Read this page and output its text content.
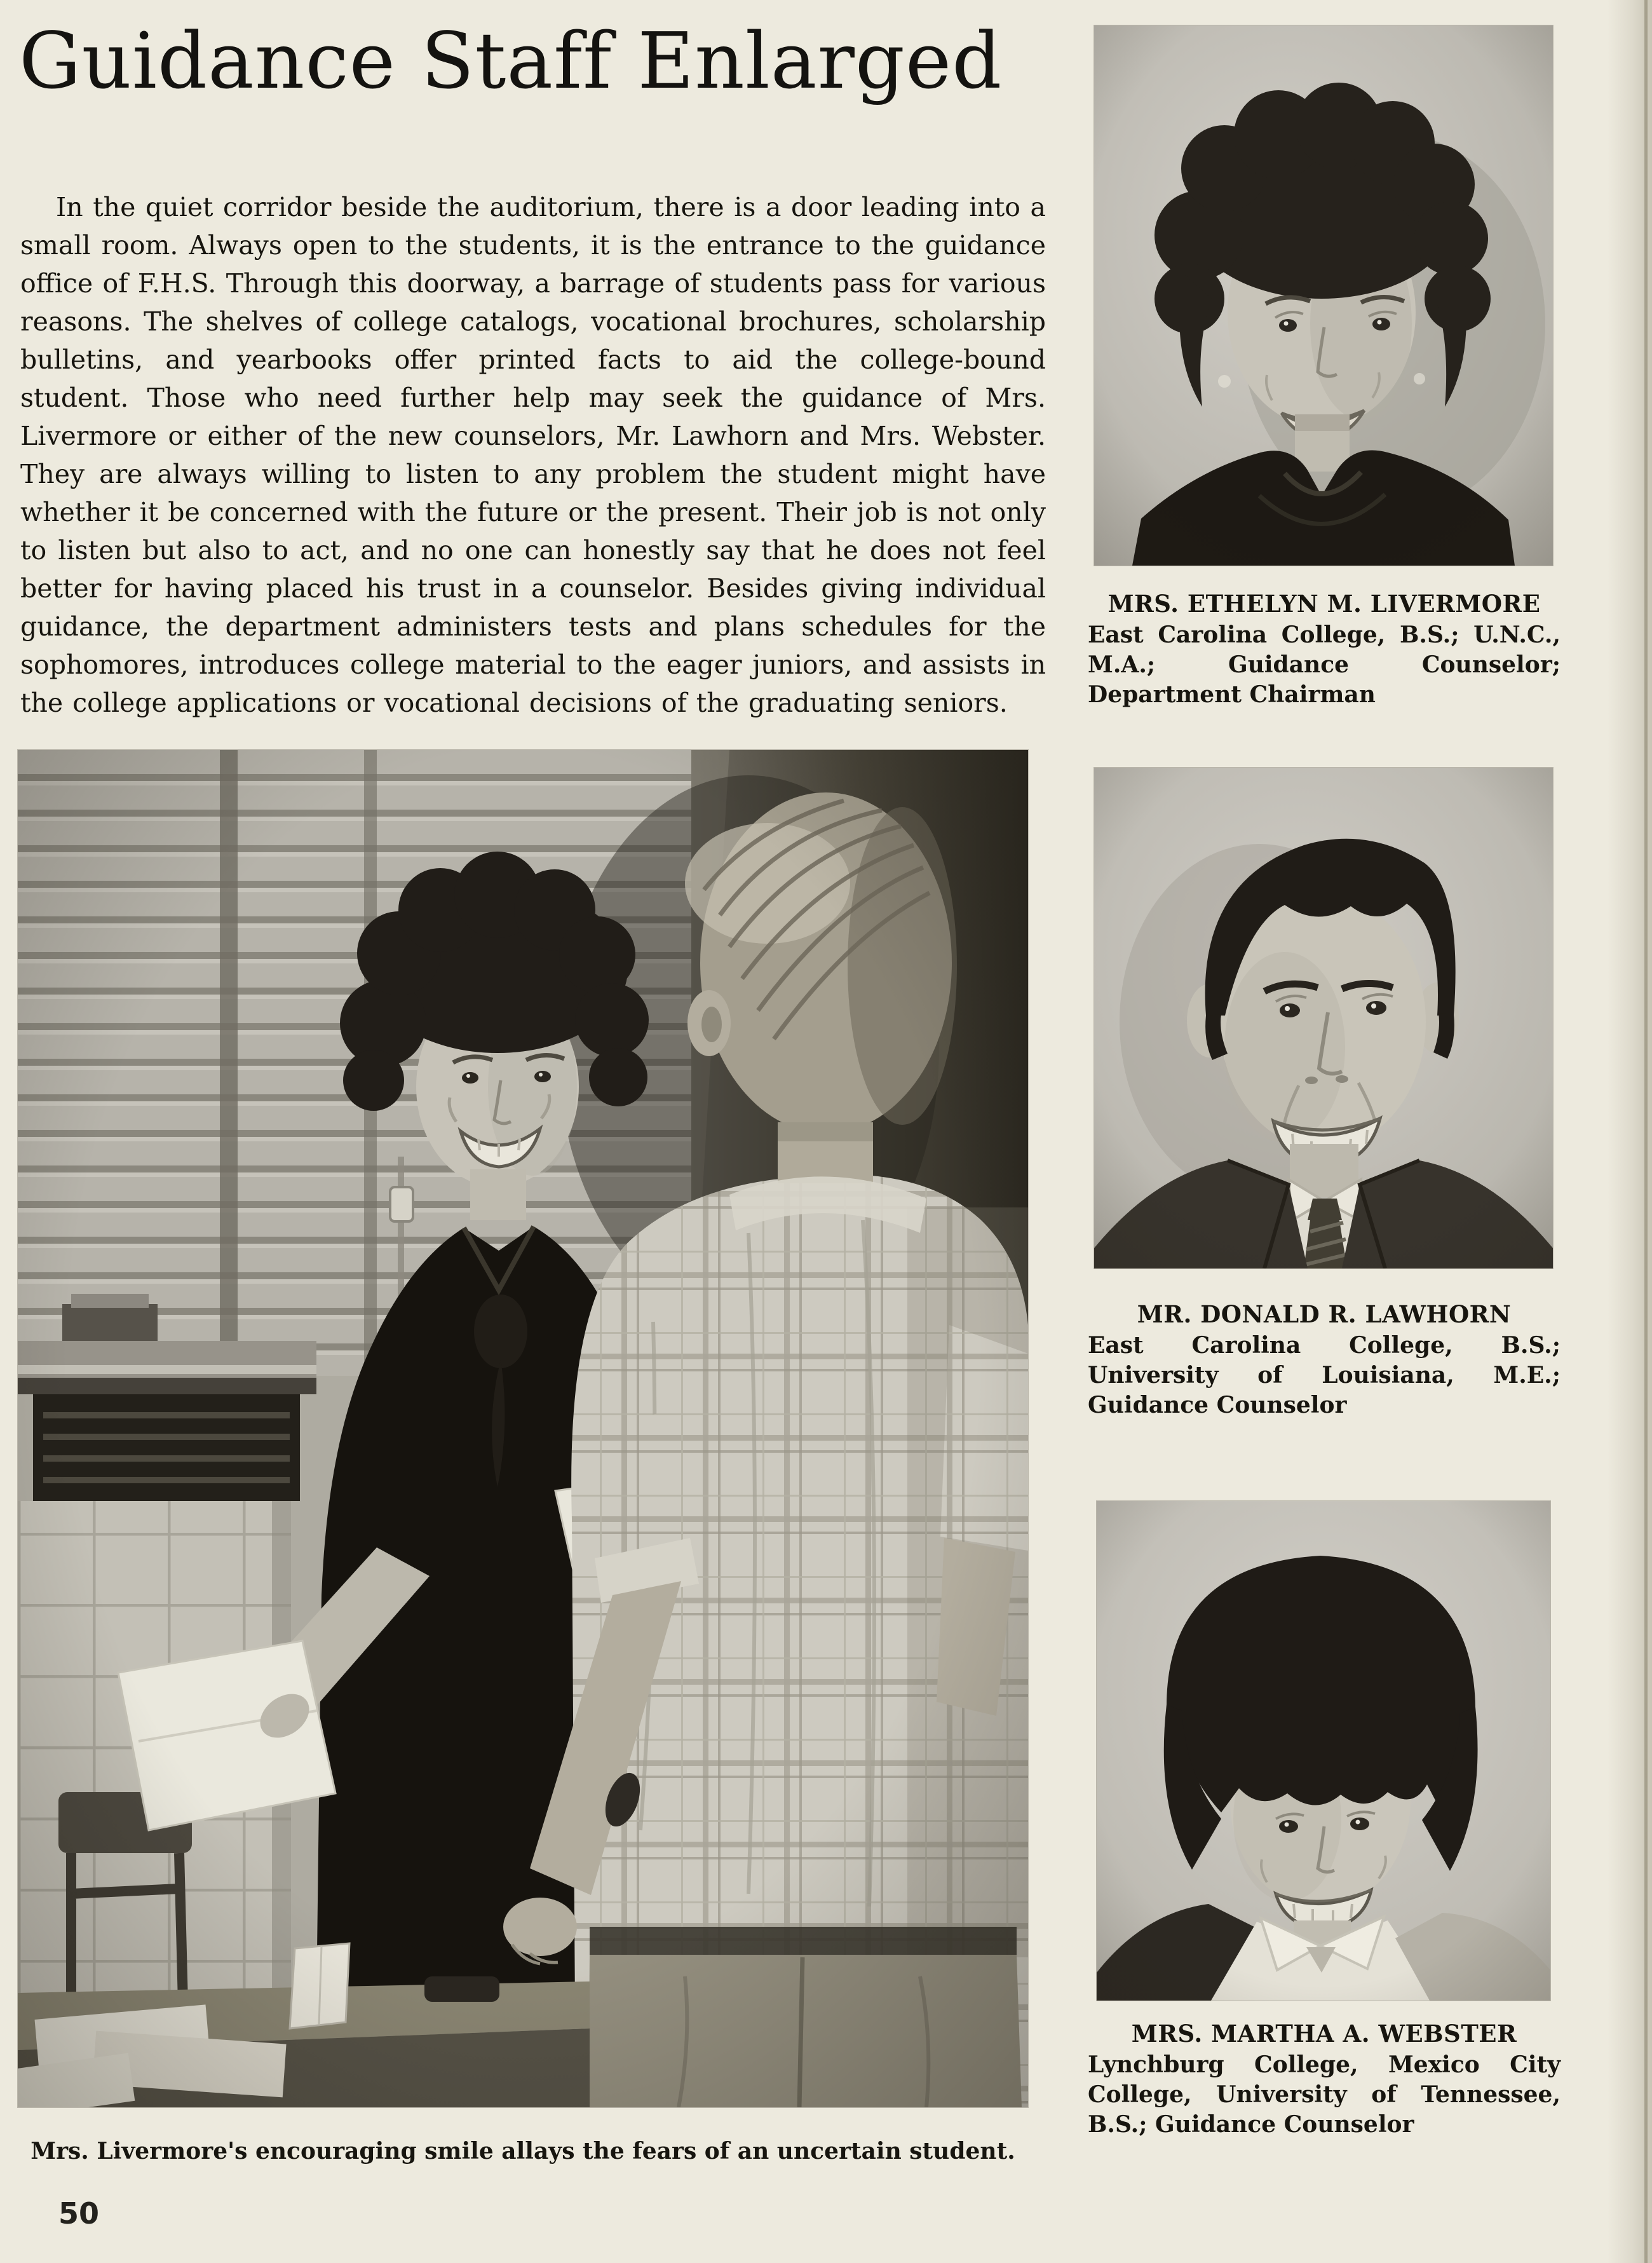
Guidance Staff Enlarged

In the quiet corridor beside the auditorium, there is a door leading into a small room. Always open to the students, it is the entrance to the guidance office of F.H.S. Through this doorway, a barrage of students pass for various reasons. The shelves of college catalogs, vocational brochures, scholarship bulletins, and yearbooks offer printed facts to aid the college-bound student. Those who need further help may seek the guidance of Mrs. Livermore or either of the new counselors, Mr. Lawhorn and Mrs. Webster. They are always willing to listen to any problem the student might have whether it be concerned with the future or the present. Their job is not only to listen but also to act, and no one can honestly say that he does not feel better for having placed his trust in a counselor. Besides giving individual guidance, the department administers tests and plans schedules for the sophomores, introduces college material to the eager juniors, and assists in the college applications or vocational decisions of the graduating seniors.

MRS. ETHELYN M. LIVERMORE
East Carolina College, B.S.; U.N.C., M.A.; Guidance Counselor; Department Chairman
MR. DONALD R. LAWHORN
East Carolina College, B.S.; University of Louisiana, M.E.; Guidance Counselor
MRS. MARTHA A. WEBSTER
Lynchburg College, Mexico City College, University of Tennessee, B.S.; Guidance Counselor
Mrs. Livermore's encouraging smile allays the fears of an uncertain student.
50
